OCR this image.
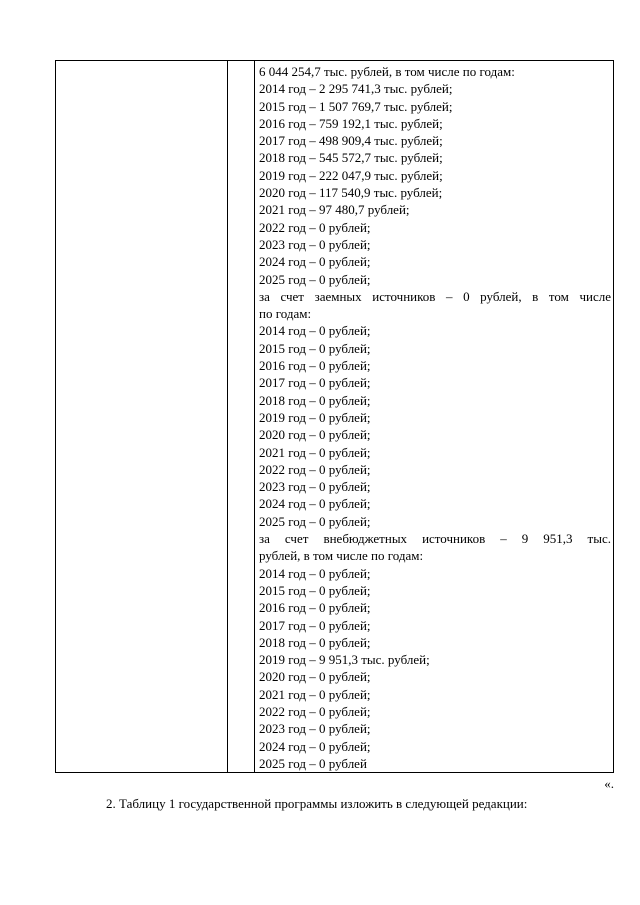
6 044 254,7 тыс. рублей, в том числе по годам:
2014 год – 2 295 741,3 тыс. рублей;
2015 год – 1 507 769,7 тыс. рублей;
2016 год – 759 192,1 тыс. рублей;
2017 год – 498 909,4 тыс. рублей;
2018 год – 545 572,7 тыс. рублей;
2019 год – 222 047,9 тыс. рублей;
2020 год – 117 540,9 тыс. рублей;
2021 год – 97 480,7 рублей;
2022 год – 0 рублей;
2023 год – 0 рублей;
2024 год – 0 рублей;
2025 год – 0 рублей;
за счет заемных источников – 0 рублей, в том числе
по годам:
2014 год – 0 рублей;
2015 год – 0 рублей;
2016 год – 0 рублей;
2017 год – 0 рублей;
2018 год – 0 рублей;
2019 год – 0 рублей;
2020 год – 0 рублей;
2021 год – 0 рублей;
2022 год – 0 рублей;
2023 год – 0 рублей;
2024 год – 0 рублей;
2025 год – 0 рублей;
за счет внебюджетных источников – 9 951,3 тыс.
рублей, в том числе по годам:
2014 год – 0 рублей;
2015 год – 0 рублей;
2016 год – 0 рублей;
2017 год – 0 рублей;
2018 год – 0 рублей;
2019 год – 9 951,3 тыс. рублей;
2020 год – 0 рублей;
2021 год – 0 рублей;
2022 год – 0 рублей;
2023 год – 0 рублей;
2024 год – 0 рублей;
2025 год – 0 рублей
«.
2. Таблицу 1 государственной программы изложить в следующей редакции:
